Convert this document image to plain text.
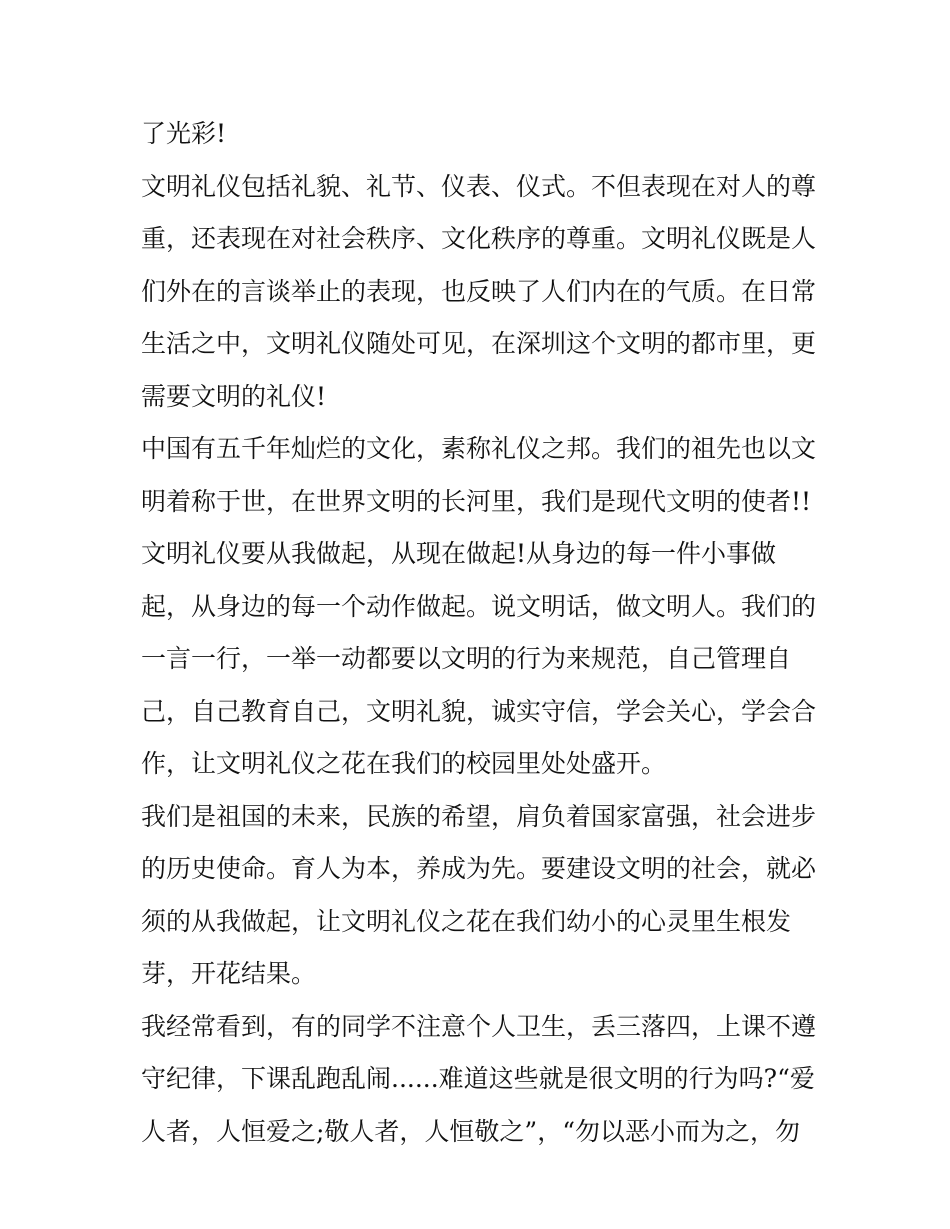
了光彩!
文明礼仪包括礼貌、礼节、仪表、仪式。不但表现在对人的尊
重，还表现在对社会秩序、文化秩序的尊重。文明礼仪既是人
们外在的言谈举止的表现，也反映了人们内在的气质。在日常
生活之中，文明礼仪随处可见，在深圳这个文明的都市里，更
需要文明的礼仪!
中国有五千年灿烂的文化，素称礼仪之邦。我们的祖先也以文
明着称于世，在世界文明的长河里，我们是现代文明的使者!!
文明礼仪要从我做起，从现在做起!从身边的每一件小事做
起，从身边的每一个动作做起。说文明话，做文明人。我们的
一言一行，一举一动都要以文明的行为来规范，自己管理自
己，自己教育自己，文明礼貌，诚实守信，学会关心，学会合
作，让文明礼仪之花在我们的校园里处处盛开。
我们是祖国的未来，民族的希望，肩负着国家富强，社会进步
的历史使命。育人为本，养成为先。要建设文明的社会，就必
须的从我做起，让文明礼仪之花在我们幼小的心灵里生根发
芽，开花结果。
我经常看到，有的同学不注意个人卫生，丢三落四，上课不遵
守纪律，下课乱跑乱闹......难道这些就是很文明的行为吗?“爱
人者，人恒爱之;敬人者，人恒敬之”，“勿以恶小而为之，勿
